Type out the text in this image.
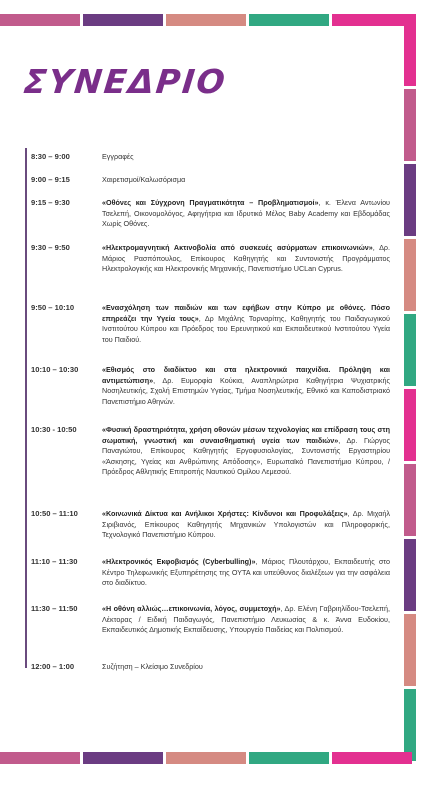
ΣΥΝΕΔΡΙΟ
8:30 – 9:00	Εγγραφές
9:00 – 9:15	Χαιρετισμοί/Καλωσόρισμα
9:15 – 9:30	«Οθόνες και Σύγχρονη Πραγματικότητα – Προβληματισμοί», κ. Έλενα Αντωνίου Τσελεπή, Οικονομολόγος, Αφηγήτρια και Ιδρυτικό Μέλος Baby Academy και Εβδομάδας Χωρίς Οθόνες.
9:30 – 9:50	«Ηλεκτρομαγνητική Ακτινοβολία από συσκευές ασύρματων επικοινωνιών», Δρ. Μάριος Ρασπόπουλος, Επίκουρος Καθηγητής και Συντονιστής Προγράμματος Ηλεκτρολογικής και Ηλεκτρονικής Μηχανικής, Πανεπιστήμιο UCLan Cyprus.
9:50 – 10:10	«Ενασχόληση των παιδιών και των εφήβων στην Κύπρο με οθόνες. Πόσο επηρεάζει την Υγεία τους», Δρ Μιχάλης Τορναρίτης, Καθηγητής του Παιδαγωγικού Ινστιτούτου Κύπρου και Πρόεδρος του Ερευνητικού και Εκπαιδευτικού Ινστιτούτου Υγεία του Παιδιού.
10:10 – 10:30	«Εθισμός στο διαδίκτυο και στα ηλεκτρονικά παιχνίδια. Πρόληψη και αντιμετώπιση», Δρ. Ευμορφία Κούκια, Αναπληρώτρια Καθηγήτρια Ψυχιατρικής Νοσηλευτικής, Σχολή Επιστημών Υγείας, Τμήμα Νοσηλευτικής, Εθνικό και Καποδιστριακό Πανεπιστήμιο Αθηνών.
10:30 - 10:50	«Φυσική δραστηριότητα, χρήση οθονών μέσων τεχνολογίας και επίδραση τους στη σωματική, γνωστική και συναισθηματική υγεία των παιδιών», Δρ. Γιώργος Παναγιώτου, Επίκουρος Καθηγητής Εργοφυσιολογίας, Συντονιστής Εργαστηρίου «Άσκησης, Υγείας και Ανθρώπινης Απόδοσης», Ευρωπαϊκό Πανεπιστήμιο Κύπρου, / Πρόεδρος Αθλητικής Επιτροπής Ναυτικού Ομίλου Λεμεσού.
10:50 – 11:10	«Κοινωνικά Δίκτυα και Ανήλικοι Χρήστες: Κίνδυνοι και Προφυλάξεις», Δρ. Μιχαήλ Σιριβιανός, Επίκουρος Καθηγητής Μηχανικών Υπολογιστών και Πληροφορικής, Τεχνολογικό Πανεπιστήμιο Κύπρου.
11:10 – 11:30	«Ηλεκτρονικός Εκφοβισμός (Cyberbulling)», Μάριος Πλουτάρχου, Εκπαιδευτής στο Κέντρο Τηλεφωνικής Εξυπηρέτησης της ΟΥΤΑ και υπεύθυνος διαλέξεων για την ασφάλεια στο διαδίκτυο.
11:30 – 11:50	«Η οθόνη αλλιώς…επικοινωνία, λόγος, συμμετοχή», Δρ. Ελένη Γαβριηλίδου-Τσελεπή, Λέκτορας / Ειδική Παιδαγωγός, Πανεπιστήμιο Λευκωσίας & κ. Άννα Ευδοκίου, Εκπαιδευτικός Δημοτικής Εκπαίδευσης, Υπουργείο Παιδείας και Πολιτισμού.
12:00 – 1:00	Συζήτηση – Κλείσιμο Συνεδρίου
